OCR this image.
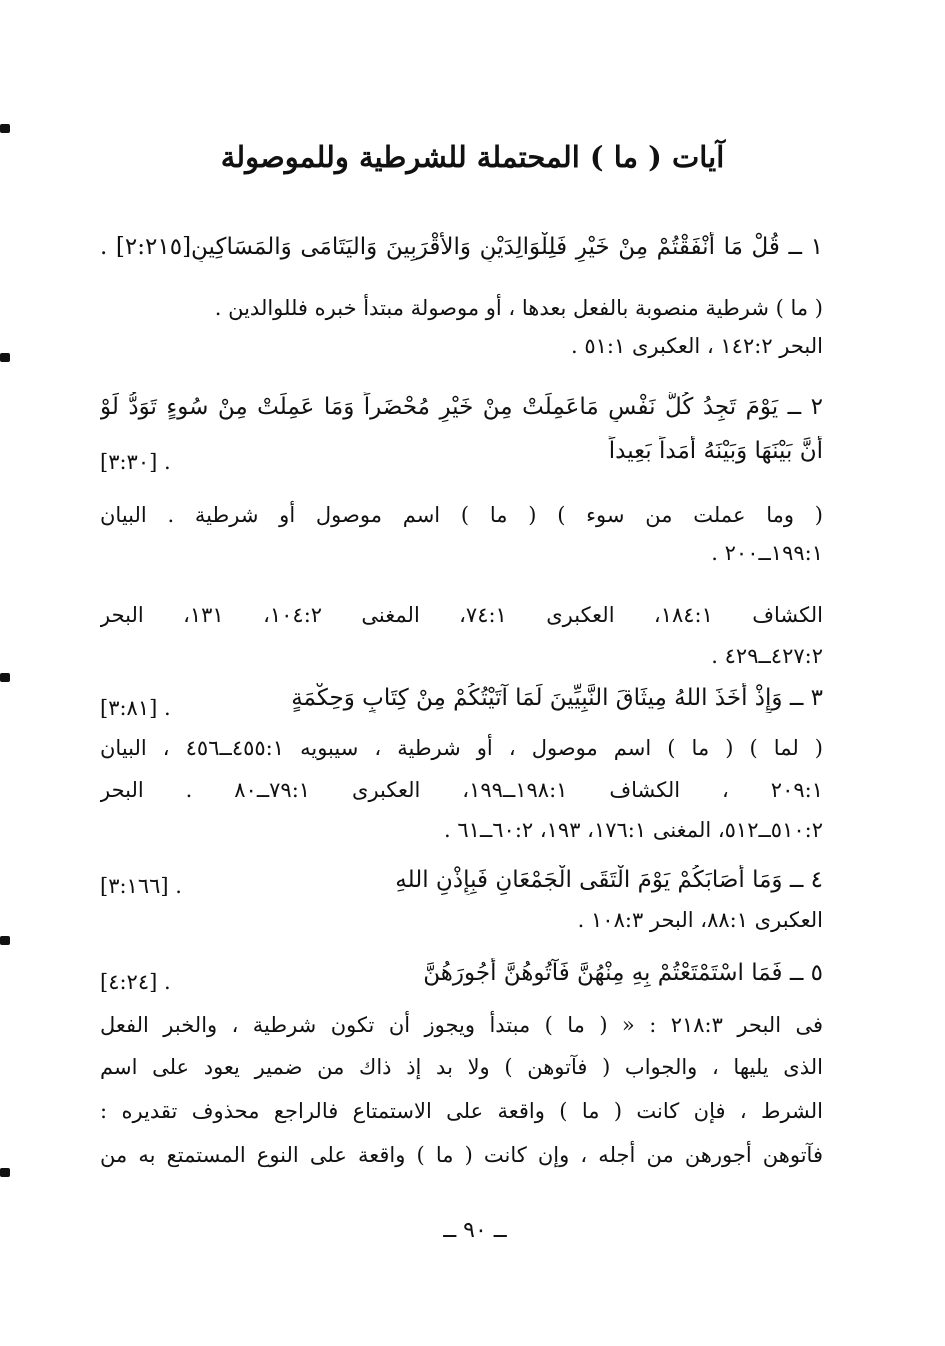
آيات ( ما ) المحتملة للشرطية وللموصولة
١ ــ قُلْ مَا أَنْفَقْتُمْ مِنْ خَيْرٍ فَلِلْوَالِدَيْنِ وَالأَقْرَبِينَ وَاليَتَامَى وَالمَسَاكِينِ[٢:٢١٥] .
( ما ) شرطية منصوبة بالفعل بعدها ، أو موصولة مبتدأ خبره فللوالدين .
البحر ١٤٢:٢ ، العكبرى ٥١:١ .
٢ ــ يَوْمَ تَجِدُ كُلُّ نَفْسٍ مَاعَمِلَتْ مِنْ خَيْرٍ مُحْضَراً وَمَا عَمِلَتْ مِنْ سُوءٍ تَوَدُّ لَوْ
أَنَّ بَيْنَهَا وَبَيْنَهُ أَمَداً بَعِيداً
[٣:٣٠] .
( وما عملت من سوء ) ( ما ) اسم موصول أو شرطية . البيان
١٩٩:١ــ٢٠٠ .
الكشاف ١٨٤:١، العكبرى ٧٤:١، المغنى ١٠٤:٢، ١٣١، البحر
٤٢٧:٢ــ٤٢٩ .
٣ ــ وَإِذْ أَخَذَ اللهُ مِيثَاقَ النَّبِيِّينَ لَمَا آتَيْتُكُمْ مِنْ كِتَابٍ وَحِكْمَةٍ
[٣:٨١] .
( لما ) ( ما ) اسم موصول ، أو شرطية ، سيبويه ٤٥٥:١ــ٤٥٦ ، البيان
٢٠٩:١ ، الكشاف ١٩٨:١ــ١٩٩، العكبرى ٧٩:١ــ٨٠ . البحر
٥١٠:٢ــ٥١٢، المغنى ١٧٦:١، ١٩٣، ٦٠:٢ــ٦١ .
٤ ــ وَمَا أَصَابَكُمْ يَوْمَ الْتَقَى الْجَمْعَانِ فَبِإِذْنِ اللهِ
[٣:١٦٦] .
العكبرى ٨٨:١، البحر ١٠٨:٣ .
٥ ــ فَمَا اسْتَمْتَعْتُمْ بِهِ مِنْهُنَّ فَآتُوهُنَّ أُجُورَهُنَّ
[٤:٢٤] .
فى البحر ٢١٨:٣ : « ( ما ) مبتدأ ويجوز أن تكون شرطية ، والخبر الفعل
الذى يليها ، والجواب ( فآتوهن ) ولا بد إذ ذاك من ضمير يعود على اسم
الشرط ، فإن كانت ( ما ) واقعة على الاستمتاع فالراجع محذوف تقديره :
فآتوهن أجورهن من أجله ، وإن كانت ( ما ) واقعة على النوع المستمتع به من
ــ ٩٠ ــ
